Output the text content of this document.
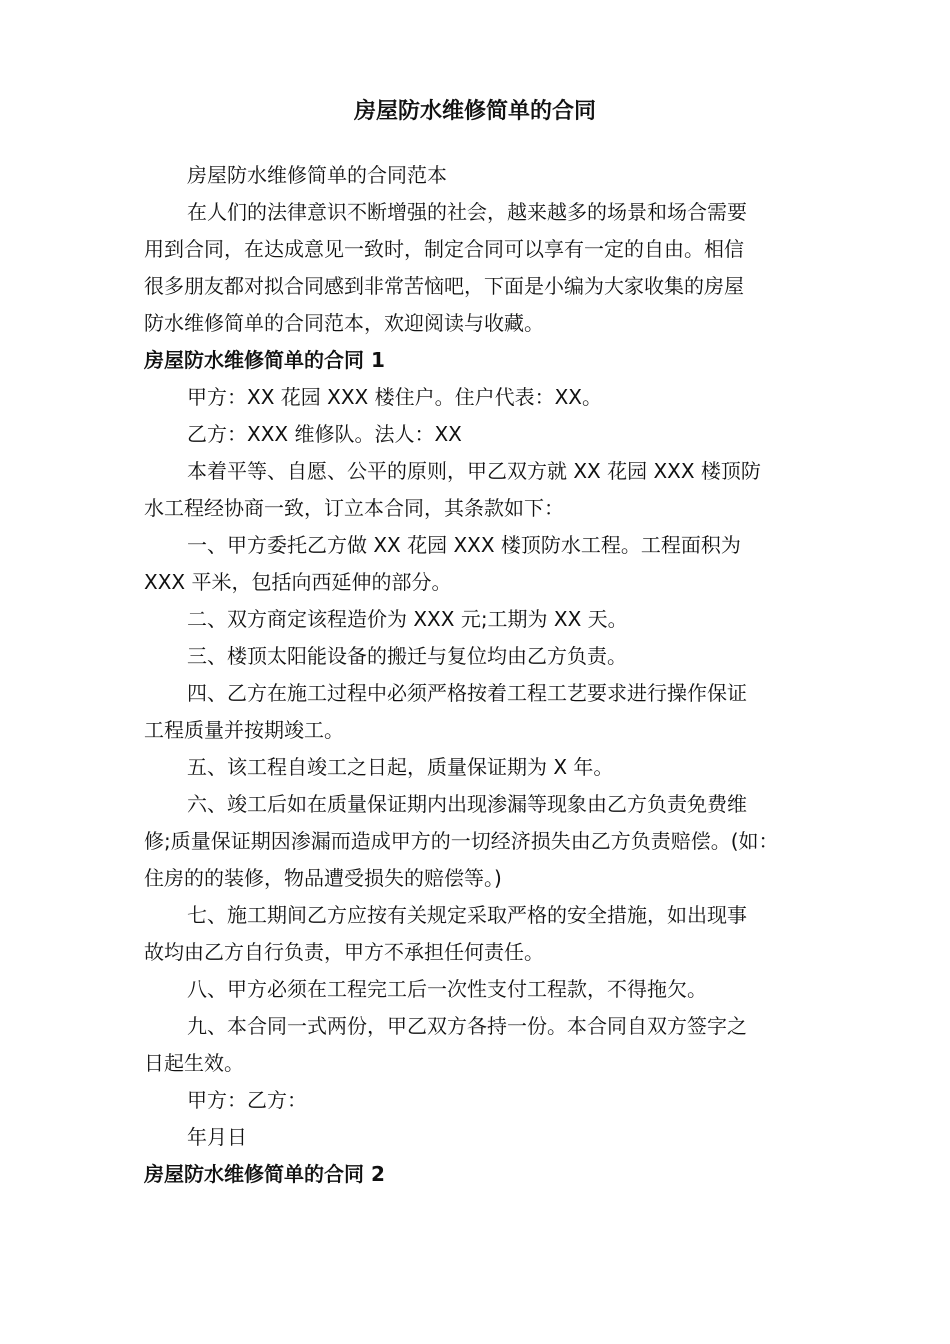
房屋防水维修简单的合同
房屋防水维修简单的合同范本
在人们的法律意识不断增强的社会，越来越多的场景和场合需要
用到合同，在达成意见一致时，制定合同可以享有一定的自由。相信
很多朋友都对拟合同感到非常苦恼吧，下面是小编为大家收集的房屋
防水维修简单的合同范本，欢迎阅读与收藏。
房屋防水维修简单的合同 1
甲方：XX 花园 XXX 楼住户。住户代表：XX。
乙方：XXX 维修队。法人：XX
本着平等、自愿、公平的原则，甲乙双方就 XX 花园 XXX 楼顶防
水工程经协商一致，订立本合同，其条款如下：
一、甲方委托乙方做 XX 花园 XXX 楼顶防水工程。工程面积为
XXX 平米，包括向西延伸的部分。
二、双方商定该程造价为 XXX 元;工期为 XX 天。
三、楼顶太阳能设备的搬迁与复位均由乙方负责。
四、乙方在施工过程中必须严格按着工程工艺要求进行操作保证
工程质量并按期竣工。
五、该工程自竣工之日起，质量保证期为 X 年。
六、竣工后如在质量保证期内出现渗漏等现象由乙方负责免费维
修;质量保证期因渗漏而造成甲方的一切经济损失由乙方负责赔偿。(如：
住房的的装修，物品遭受损失的赔偿等。)
七、施工期间乙方应按有关规定采取严格的安全措施，如出现事
故均由乙方自行负责，甲方不承担任何责任。
八、甲方必须在工程完工后一次性支付工程款，不得拖欠。
九、本合同一式两份，甲乙双方各持一份。本合同自双方签字之
日起生效。
甲方：乙方：
年月日
房屋防水维修简单的合同 2
